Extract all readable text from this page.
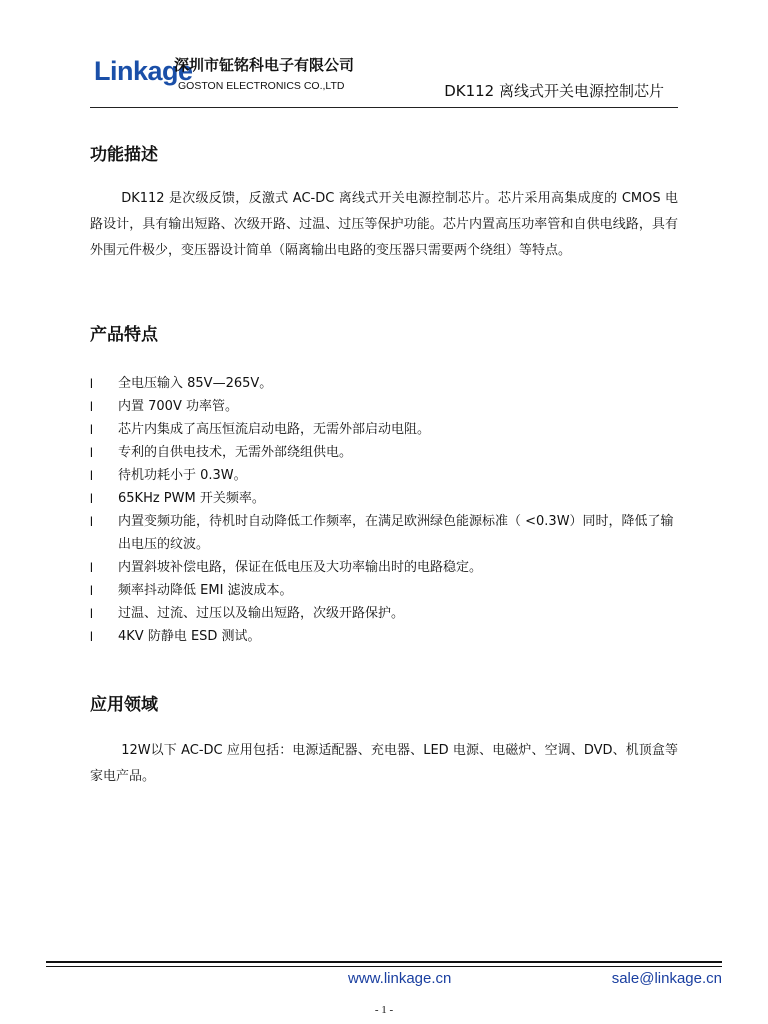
Linkage
深圳市钲铭科电子有限公司
GOSTON ELECTRONICS CO.,LTD	DK112 离线式开关电源控制芯片
功能描述

DK112 是次级反馈，反激式 AC-DC 离线式开关电源控制芯片。芯片采用高集成度的 CMOS 电路设计，具有输出短路、次级开路、过温、过压等保护功能。芯片内置高压功率管和自供电线路，具有外围元件极少，变压器设计简单（隔离输出电路的变压器只需要两个绕组）等特点。

产品特点
l 全电压输入 85V—265V。
l 内置 700V 功率管。
l 芯片内集成了高压恒流启动电路，无需外部启动电阻。
l 专利的自供电技术，无需外部绕组供电。
l 待机功耗小于 0.3W。
l 65KHz PWM 开关频率。
l 内置变频功能，待机时自动降低工作频率，在满足欧洲绿色能源标准（ <0.3W）同时，降低了输出电压的纹波。
l 内置斜坡补偿电路，保证在低电压及大功率输出时的电路稳定。
l 频率抖动降低 EMI 滤波成本。
l 过温、过流、过压以及输出短路，次级开路保护。
l 4KV 防静电 ESD 测试。
应用领域

12W以下 AC-DC 应用包括：电源适配器、充电器、LED 电源、电磁炉、空调、DVD、机顶盒等家电产品。

www.linkage.cn	sale@linkage.cn
- 1 -
